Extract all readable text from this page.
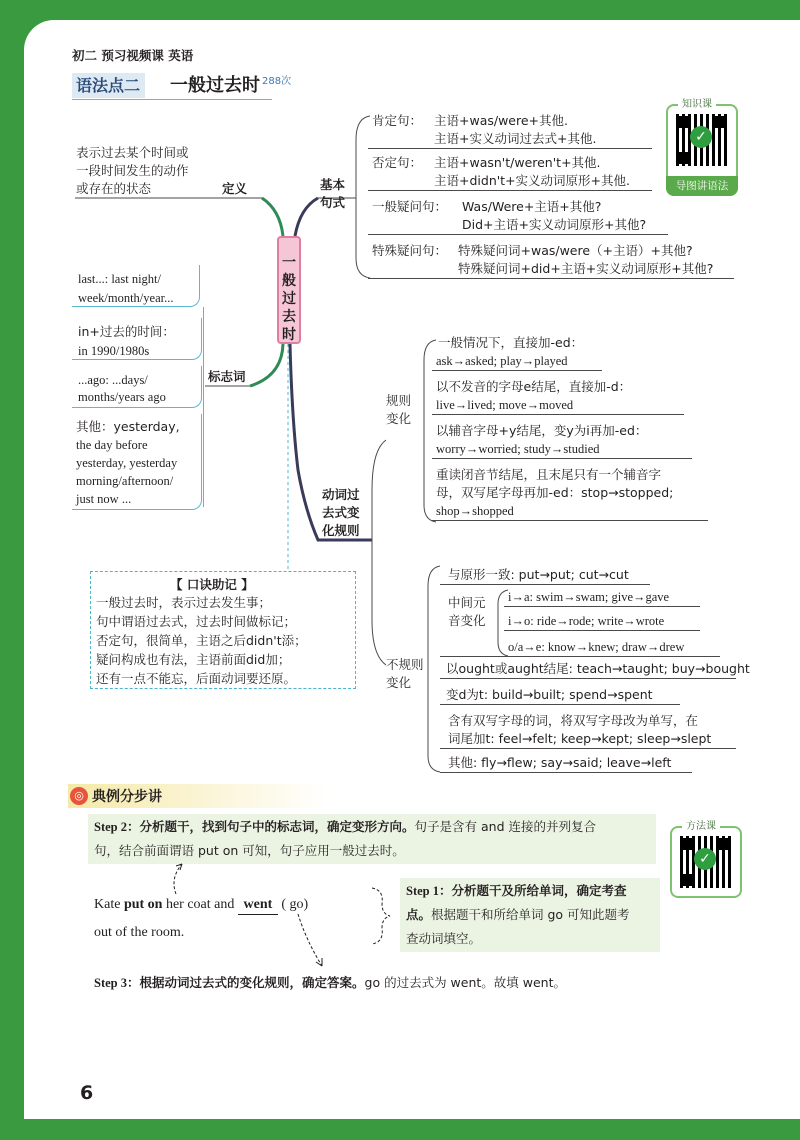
初二 预习视频课 英语
语法点二 一般过去时 288次
知识课
✓
导图讲语法
一般过去时
表示过去某个时间或
一段时间发生的动作
或存在的状态	定义
last...: last night/
week/month/year...
in+过去的时间：
in 1990/1980s
...ago: ...days/
months/years ago
其他：yesterday,
the day before
yesterday, yesterday
morning/afternoon/
just now ...
标志词
基本
句式
肯定句： 主语+was/were+其他.
主语+实义动词过去式+其他.
否定句： 主语+wasn't/weren't+其他.
主语+didn't+实义动词原形+其他.
一般疑问句： Was/Were+主语+其他?
Did+主语+实义动词原形+其他?
特殊疑问句： 特殊疑问词+was/were（+主语）+其他?
特殊疑问词+did+主语+实义动词原形+其他?
动词过
去式变
化规则
规则
变化
一般情况下，直接加-ed：
ask→asked; play→played
以不发音的字母e结尾，直接加-d：
live→lived; move→moved
以辅音字母+y结尾，变y为i再加-ed：
worry→worried; study→studied
重读闭音节结尾，且末尾只有一个辅音字
母，双写尾字母再加-ed：stop→stopped;
shop→shopped
不规则
变化
与原形一致: put→put; cut→cut
中间元
音变化
i→a: swim→swam; give→gave
i→o: ride→rode; write→wrote
o/a→e: know→knew; draw→drew
以ought或aught结尾: teach→taught; buy→bought
变d为t: build→built; spend→spent
含有双写字母的词，将双写字母改为单写，在
词尾加t: feel→felt; keep→kept; sleep→slept
其他: fly→flew; say→said; leave→left
【 口诀助记 】
一般过去时，表示过去发生事；
句中谓语过去式，过去时间做标记；
否定句，很简单，主语之后didn't添；
疑问构成也有法，主语前面did加；
还有一点不能忘，后面动词要还原。
◎ 典例分步讲
方法课
✓
Step 2：分析题干，找到句子中的标志词，确定变形方向。句子是含有 and 连接的并列复合
句，结合前面谓语 put on 可知，句子应用一般过去时。
Kate put on her coat and went ( go)
out of the room.
Step 1：分析题干及所给单词，确定考查
点。根据题干和所给单词 go 可知此题考
查动词填空。
Step 3：根据动词过去式的变化规则，确定答案。go 的过去式为 went。故填 went。
6
